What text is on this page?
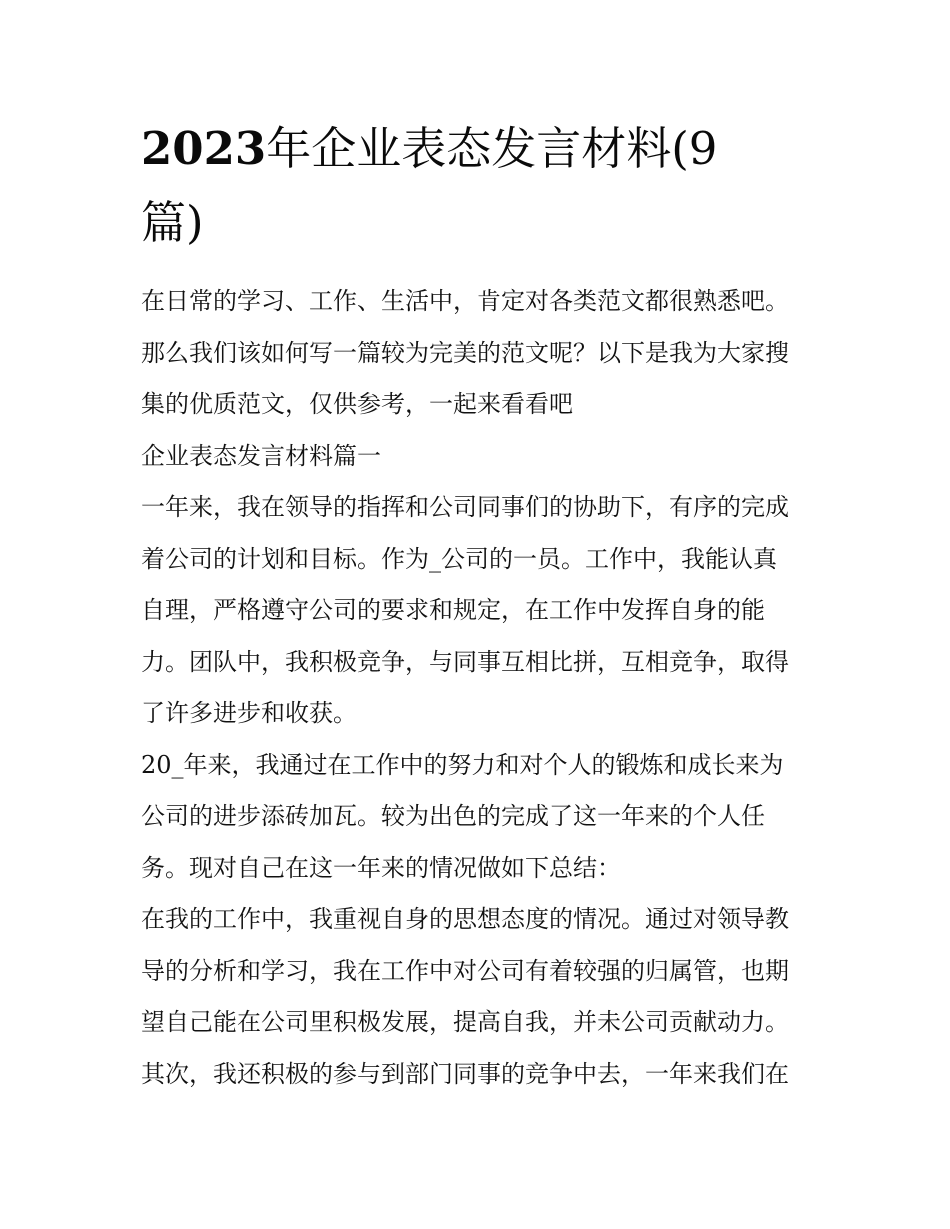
2023年企业表态发言材料(9
篇)
在日常的学习、工作、生活中，肯定对各类范文都很熟悉吧。
那么我们该如何写一篇较为完美的范文呢？以下是我为大家搜
集的优质范文，仅供参考，一起来看看吧
企业表态发言材料篇一
一年来，我在领导的指挥和公司同事们的协助下，有序的完成
着公司的计划和目标。作为_公司的一员。工作中，我能认真
自理，严格遵守公司的要求和规定，在工作中发挥自身的能
力。团队中，我积极竞争，与同事互相比拼，互相竞争，取得
了许多进步和收获。
20_年来，我通过在工作中的努力和对个人的锻炼和成长来为
公司的进步添砖加瓦。较为出色的完成了这一年来的个人任
务。现对自己在这一年来的情况做如下总结：
在我的工作中，我重视自身的思想态度的情况。通过对领导教
导的分析和学习，我在工作中对公司有着较强的归属管，也期
望自己能在公司里积极发展，提高自我，并未公司贡献动力。
其次，我还积极的参与到部门同事的竞争中去，一年来我们在
